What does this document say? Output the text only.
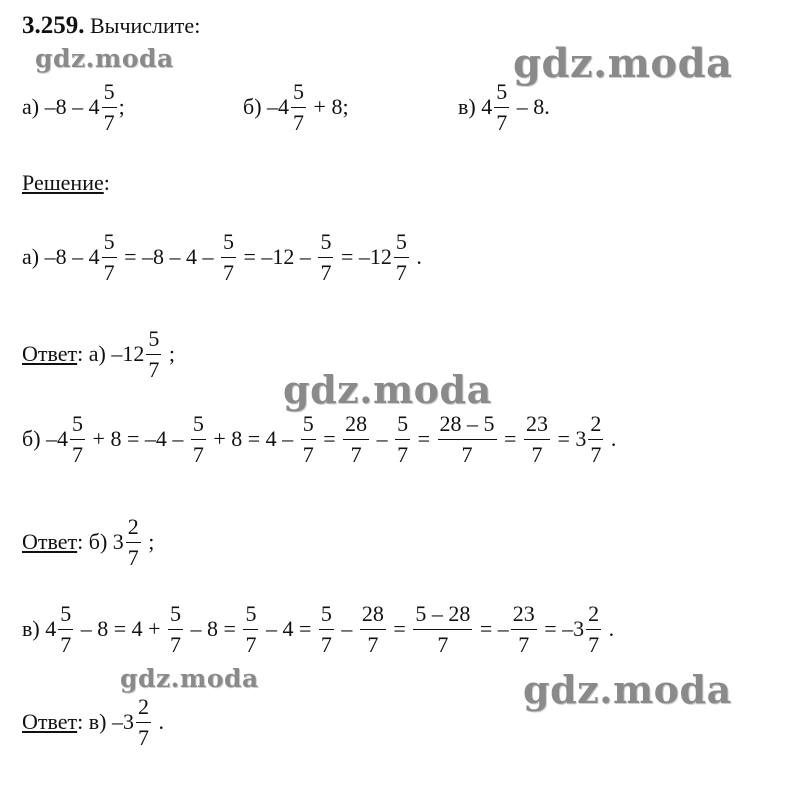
3.259. Вычислите:
gdz.moda	gdz.moda
gdz.moda
gdz.moda	gdz.moda
а)
$-8 - 4 \frac{5}{7}$ ;	б)
$-4 \frac{5}{7}$
+ 8;	в)
$4 \frac{5}{7}$
– 8.
Решение:
а) $-8 - 4 \frac{5}{7} = -8 - 4 - \frac{5}{7} = -12 - \frac{5}{7} = -12 \frac{5}{7}$ .
Ответ : а) $-12 \frac{5}{7}$
;
б) $-4 \frac{5}{7} + 8 = -4 - \frac{5}{7} + 8 = 4 - \frac{5}{7} = \frac{28}{7} - \frac{5}{7} = \frac{28 - 5}{7} = \frac{23}{7} = 3 \frac{2}{7}$ .
Ответ : б) $3 \frac{2}{7}$
;
в) $4 \frac{5}{7} - 8 = 4 + \frac{5}{7} - 8 = \frac{5}{7} - 4 = \frac{5}{7} - \frac{28}{7} = \frac{5 - 28}{7}$ = – $\frac{23}{7} = -3 \frac{2}{7}$ .
Ответ : в) $-3 \frac{2}{7}$
.
